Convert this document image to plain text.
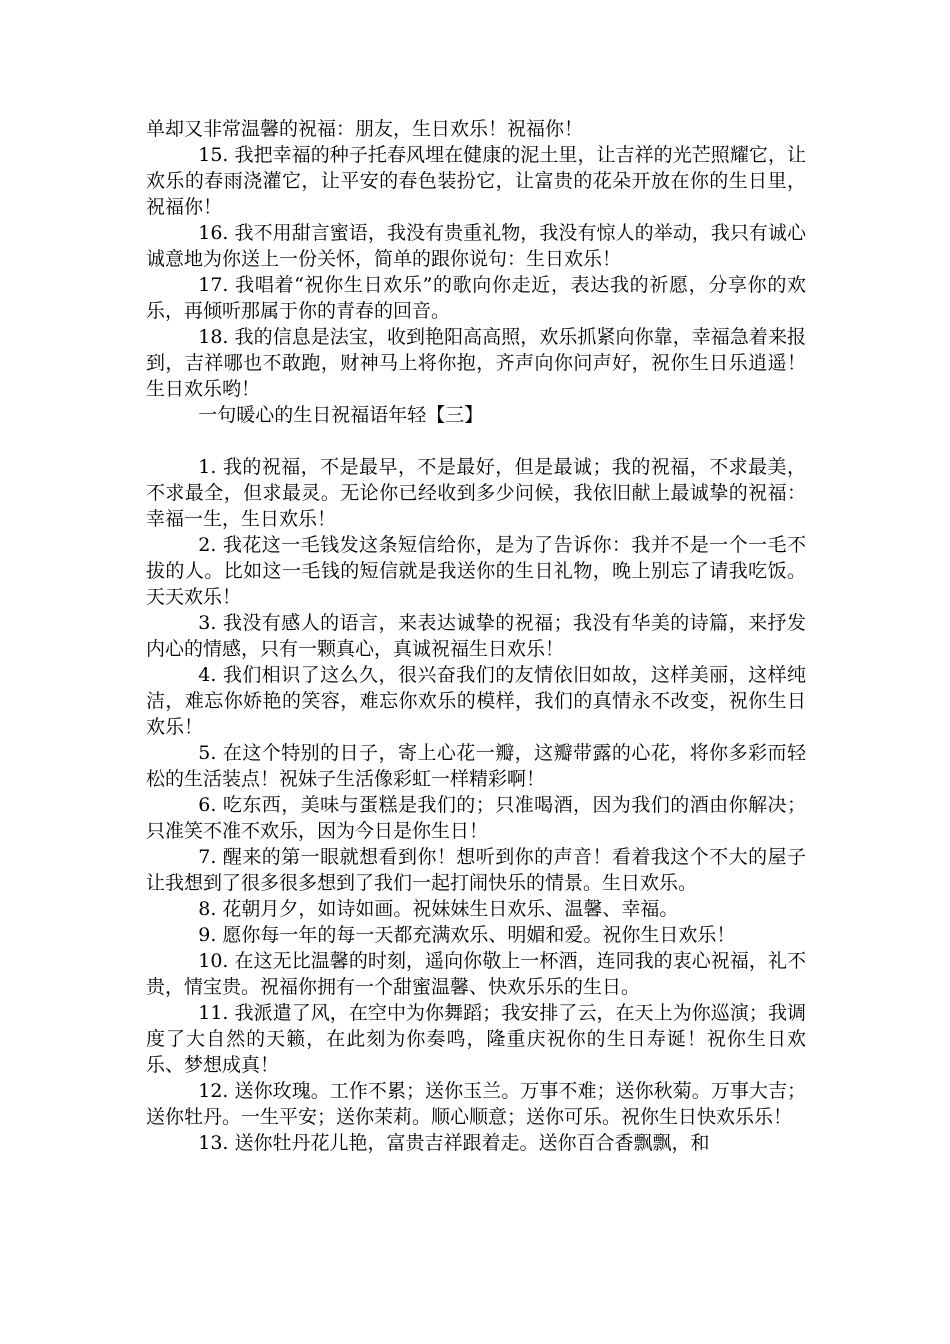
单却又非常温馨的祝福：朋友，生日欢乐！祝福你！

15. 我把幸福的种子托春风埋在健康的泥土里，让吉祥的光芒照耀它，让欢乐的春雨浇灌它，让平安的春色装扮它，让富贵的花朵开放在你的生日里，祝福你！

16. 我不用甜言蜜语，我没有贵重礼物，我没有惊人的举动，我只有诚心诚意地为你送上一份关怀，简单的跟你说句：生日欢乐！

17. 我唱着“祝你生日欢乐”的歌向你走近，表达我的祈愿，分享你的欢乐，再倾听那属于你的青春的回音。

18. 我的信息是法宝，收到艳阳高高照，欢乐抓紧向你靠，幸福急着来报到，吉祥哪也不敢跑，财神马上将你抱，齐声向你问声好，祝你生日乐逍遥！生日欢乐哟！

一句暖心的生日祝福语年轻【三】

1. 我的祝福，不是最早，不是最好，但是最诚；我的祝福，不求最美，不求最全，但求最灵。无论你已经收到多少问候，我依旧献上最诚挚的祝福：幸福一生，生日欢乐！

2. 我花这一毛钱发这条短信给你，是为了告诉你：我并不是一个一毛不拔的人。比如这一毛钱的短信就是我送你的生日礼物，晚上别忘了请我吃饭。天天欢乐！

3. 我没有感人的语言，来表达诚挚的祝福；我没有华美的诗篇，来抒发内心的情感，只有一颗真心，真诚祝福生日欢乐！

4. 我们相识了这么久，很兴奋我们的友情依旧如故，这样美丽，这样纯洁，难忘你娇艳的笑容，难忘你欢乐的模样，我们的真情永不改变，祝你生日欢乐！

5. 在这个特别的日子，寄上心花一瓣，这瓣带露的心花，将你多彩而轻松的生活装点！祝妹子生活像彩虹一样精彩啊！

6. 吃东西，美味与蛋糕是我们的；只准喝酒，因为我们的酒由你解决；只准笑不准不欢乐，因为今日是你生日！

7. 醒来的第一眼就想看到你！想听到你的声音！看着我这个不大的屋子让我想到了很多很多想到了我们一起打闹快乐的情景。生日欢乐。

8. 花朝月夕，如诗如画。祝妹妹生日欢乐、温馨、幸福。

9. 愿你每一年的每一天都充满欢乐、明媚和爱。祝你生日欢乐！

10. 在这无比温馨的时刻，遥向你敬上一杯酒，连同我的衷心祝福，礼不贵，情宝贵。祝福你拥有一个甜蜜温馨、快欢乐乐的生日。

11. 我派遣了风，在空中为你舞蹈；我安排了云，在天上为你巡演；我调度了大自然的天籁，在此刻为你奏鸣，隆重庆祝你的生日寿诞！祝你生日欢乐、梦想成真！

12. 送你玫瑰。工作不累；送你玉兰。万事不难；送你秋菊。万事大吉；送你牡丹。一生平安；送你茉莉。顺心顺意；送你可乐。祝你生日快欢乐乐！

13. 送你牡丹花儿艳，富贵吉祥跟着走。送你百合香飘飘，和
